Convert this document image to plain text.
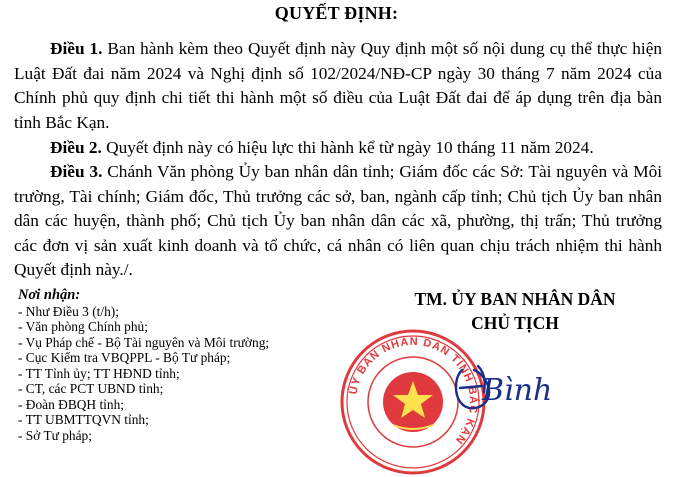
QUYẾT ĐỊNH:
Điều 1. Ban hành kèm theo Quyết định này Quy định một số nội dung cụ thể thực hiện Luật Đất đai năm 2024 và Nghị định số 102/2024/NĐ-CP ngày 30 tháng 7 năm 2024 của Chính phủ quy định chi tiết thi hành một số điều của Luật Đất đai để áp dụng trên địa bàn tỉnh Bắc Kạn.
Điều 2. Quyết định này có hiệu lực thi hành kể từ ngày 10 tháng 11 năm 2024.
Điều 3. Chánh Văn phòng Ủy ban nhân dân tỉnh; Giám đốc các Sở: Tài nguyên và Môi trường, Tài chính; Giám đốc, Thủ trưởng các sở, ban, ngành cấp tỉnh; Chủ tịch Ủy ban nhân dân các huyện, thành phố; Chủ tịch Ủy ban nhân dân các xã, phường, thị trấn; Thủ trưởng các đơn vị sản xuất kinh doanh và tổ chức, cá nhân có liên quan chịu trách nhiệm thi hành Quyết định này./.
Nơi nhận:
- Như Điều 3 (t/h);
- Văn phòng Chính phủ;
- Vụ Pháp chế - Bộ Tài nguyên và Môi trường;
- Cục Kiểm tra VBQPPL - Bộ Tư pháp;
- TT Tỉnh ủy; TT HĐND tỉnh;
- CT, các PCT UBND tỉnh;
- Đoàn ĐBQH tỉnh;
- TT UBMTTQVN tỉnh;
- Sở Tư pháp;
TM. ỦY BAN NHÂN DÂN
CHỦ TỊCH
ỦY BAN NHÂN DÂN TỈNH BẮC KẠN
Bình
